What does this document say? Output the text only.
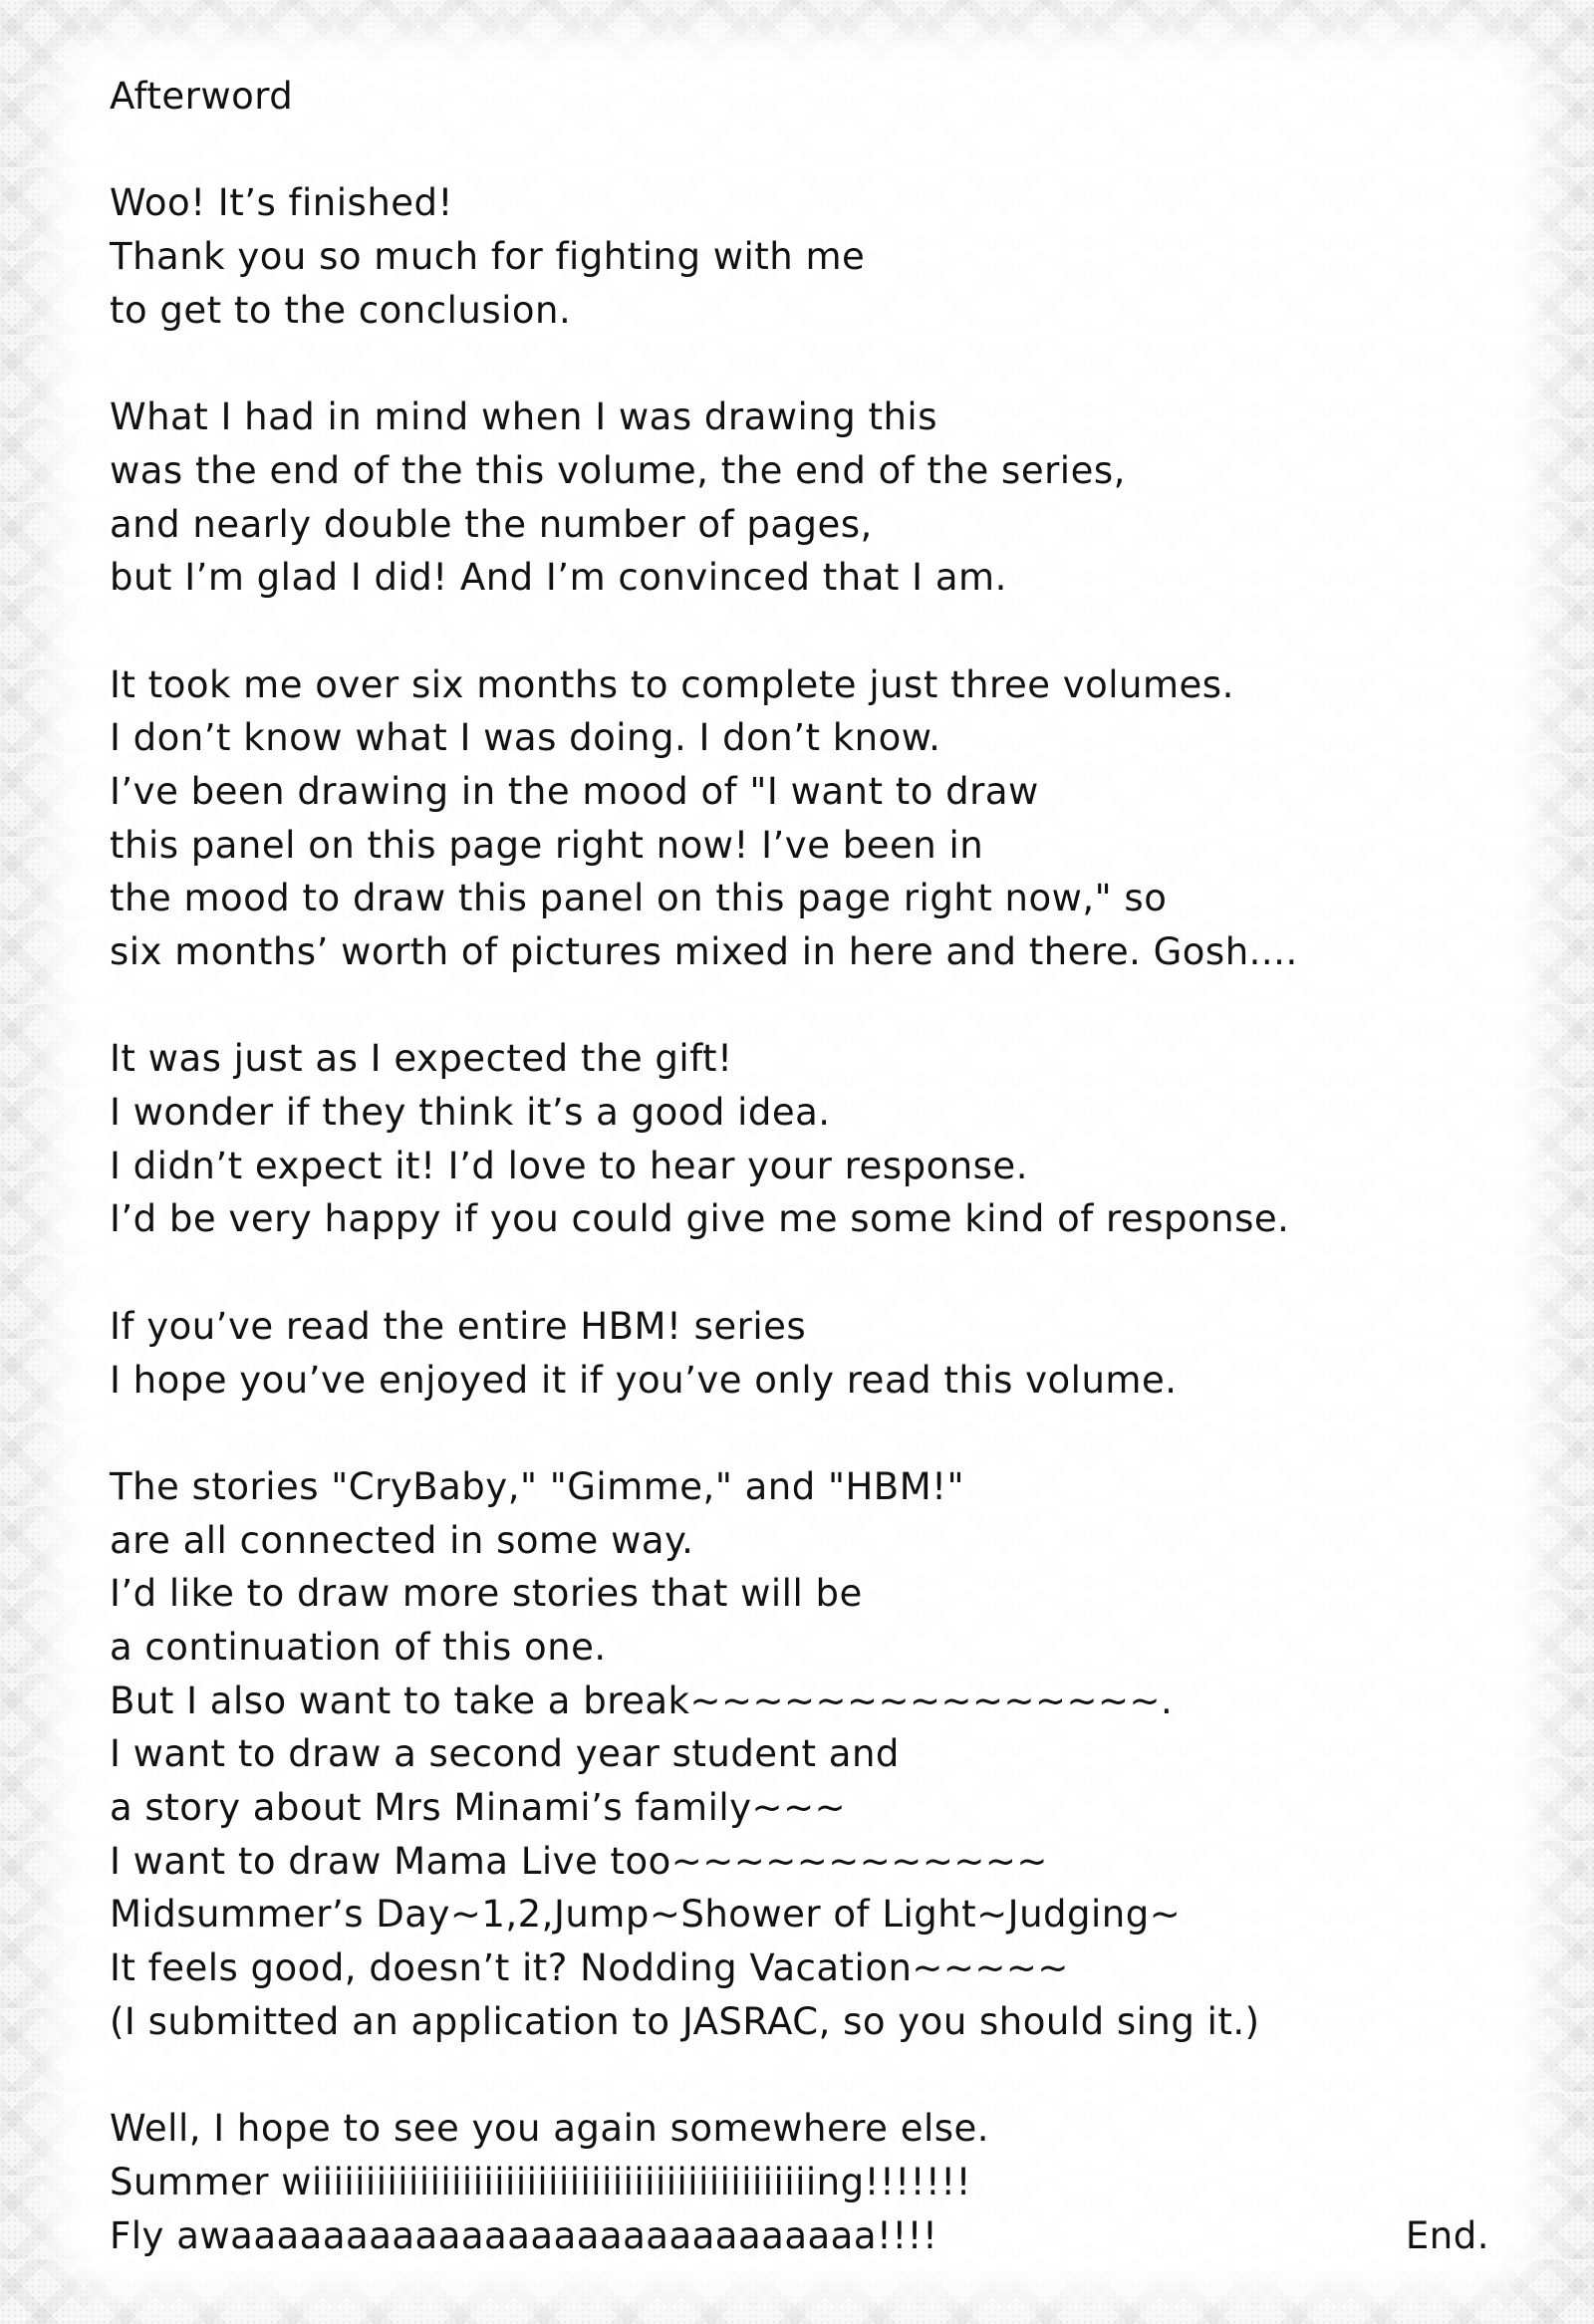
Afterword
Woo! It’s finished!
Thank you so much for fighting with me
to get to the conclusion.
What I had in mind when I was drawing this
was the end of the this volume, the end of the series,
and nearly double the number of pages,
but I’m glad I did! And I’m convinced that I am.
It took me over six months to complete just three volumes.
I don’t know what I was doing. I don’t know.
I’ve been drawing in the mood of "I want to draw
this panel on this page right now! I’ve been in
the mood to draw this panel on this page right now," so
six months’ worth of pictures mixed in here and there. Gosh....
It was just as I expected the gift!
I wonder if they think it’s a good idea.
I didn’t expect it! I’d love to hear your response.
I’d be very happy if you could give me some kind of response.
If you’ve read the entire HBM! series
I hope you’ve enjoyed it if you’ve only read this volume.
The stories "CryBaby," "Gimme," and "HBM!"
are all connected in some way.
I’d like to draw more stories that will be
a continuation of this one.
But I also want to take a break~~~~~~~~~~~~~~~.
I want to draw a second year student and
a story about Mrs Minami’s family~~~
I want to draw Mama Live too~~~~~~~~~~~~
Midsummer’s Day~1,2,Jump~Shower of Light~Judging~
It feels good, doesn’t it? Nodding Vacation~~~~~
(I submitted an application to JASRAC, so you should sing it.)
Well, I hope to see you again somewhere else.
Summer wiiiiiiiiiiiiiiiiiiiiiiiiiiiiiiiiiiiiiiiiiiiiiiing!!!!!!!
Fly awaaaaaaaaaaaaaaaaaaaaaaaaaaaa!!!!	End.
